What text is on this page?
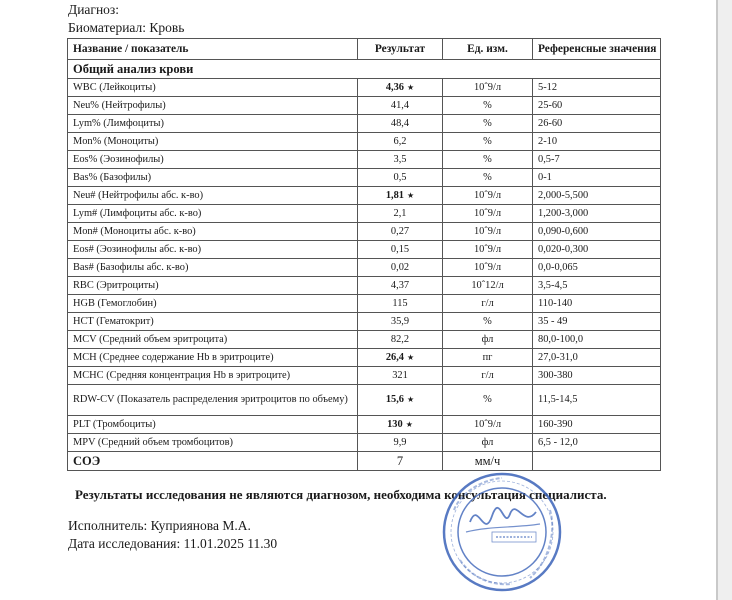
Диагноз:
Биоматериал: Кровь
Название / показатель	Результат	Ед. изм.	Референсные значения
Общий анализ крови			
WBC (Лейкоциты)	4,36 ★	10ˆ9/л	5-12
Neu% (Нейтрофилы)	41,4	%	25-60
Lym% (Лимфоциты)	48,4	%	26-60
Mon% (Моноциты)	6,2	%	2-10
Eos% (Эозинофилы)	3,5	%	0,5-7
Bas% (Базофилы)	0,5	%	0-1
Neu# (Нейтрофилы абс. к-во)	1,81 ★	10ˆ9/л	2,000-5,500
Lym# (Лимфоциты абс. к-во)	2,1	10ˆ9/л	1,200-3,000
Mon# (Моноциты абс. к-во)	0,27	10ˆ9/л	0,090-0,600
Eos# (Эозинофилы абс. к-во)	0,15	10ˆ9/л	0,020-0,300
Bas# (Базофилы абс. к-во)	0,02	10ˆ9/л	0,0-0,065
RBC (Эритроциты)	4,37	10ˆ12/л	3,5-4,5
HGB (Гемоглобин)	115	г/л	110-140
HCT (Гематокрит)	35,9	%	35 - 49
MCV (Средний объем эритроцита)	82,2	фл	80,0-100,0
MCH (Среднее содержание Hb в эритроците)	26,4 ★	пг	27,0-31,0
MCHC (Средняя концентрация Hb в эритроците)	321	г/л	300-380
RDW-CV (Показатель распределения эритроцитов по объему)	15,6 ★	%	11,5-14,5
PLT (Тромбоциты)	130 ★	10ˆ9/л	160-390
MPV (Средний объем тромбоцитов)	9,9	фл	6,5 - 12,0
СОЭ	7	мм/ч	
Результаты исследования не являются диагнозом, необходима консультация специалиста.
Исполнитель: Куприянова М.А.
Дата исследования: 11.01.2025 11.30
